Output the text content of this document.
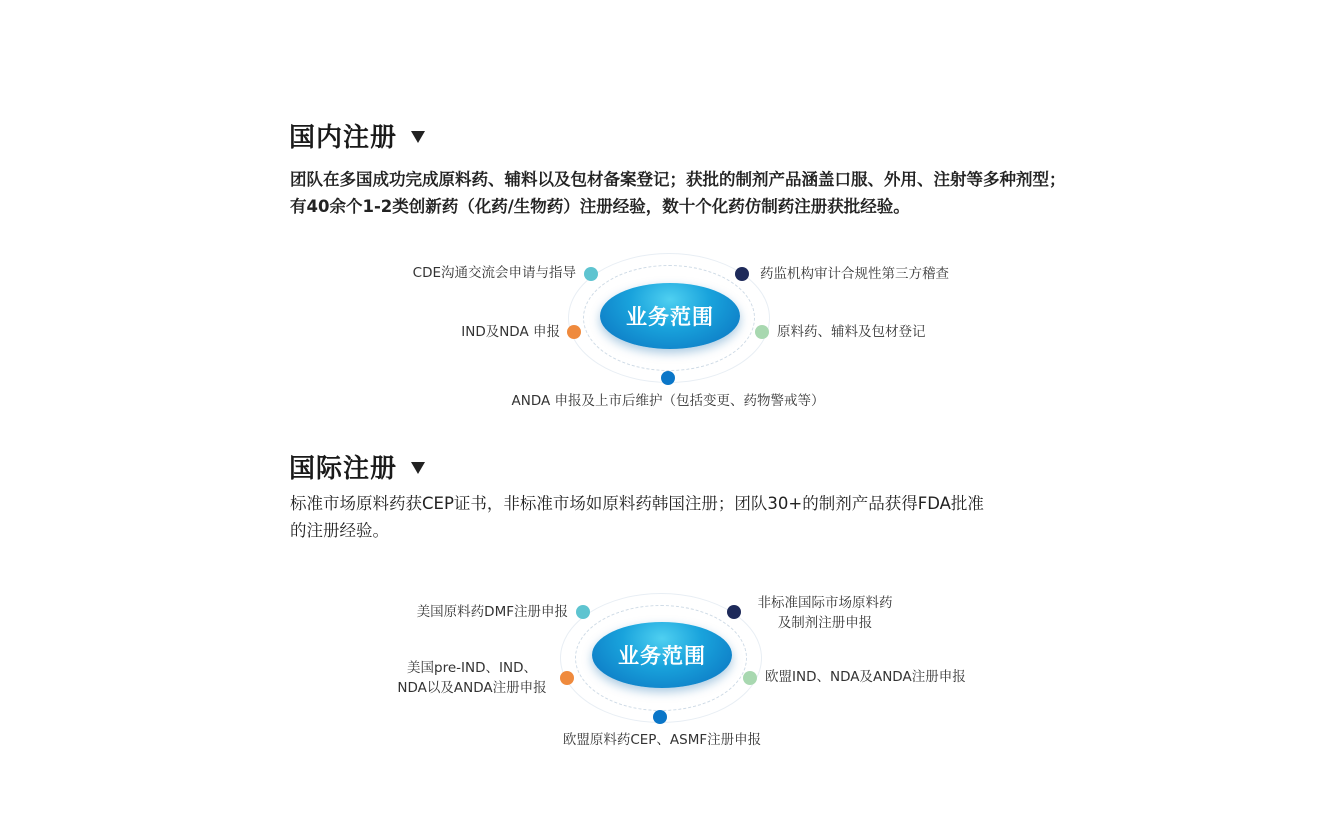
国内注册

团队在多国成功完成原料药、辅料以及包材备案登记；获批的制剂产品涵盖口服、外用、注射等多种剂型；

有40余个1-2类创新药（化药/生物药）注册经验，数十个化药仿制药注册获批经验。

业务范围
CDE沟通交流会申请与指导	药监机构审计合规性第三方稽查
IND及NDA 申报	原料药、辅料及包材登记
ANDA 申报及上市后维护（包括变更、药物警戒等）
国际注册

标准市场原料药获CEP证书，非标准市场如原料药韩国注册；团队30+的制剂产品获得FDA批准

的注册经验。

业务范围
美国原料药DMF注册申报
非标准国际市场原料药
及制剂注册申报
美国pre-IND、IND、
NDA以及ANDA注册申报
欧盟IND、NDA及ANDA注册申报
欧盟原料药CEP、ASMF注册申报
